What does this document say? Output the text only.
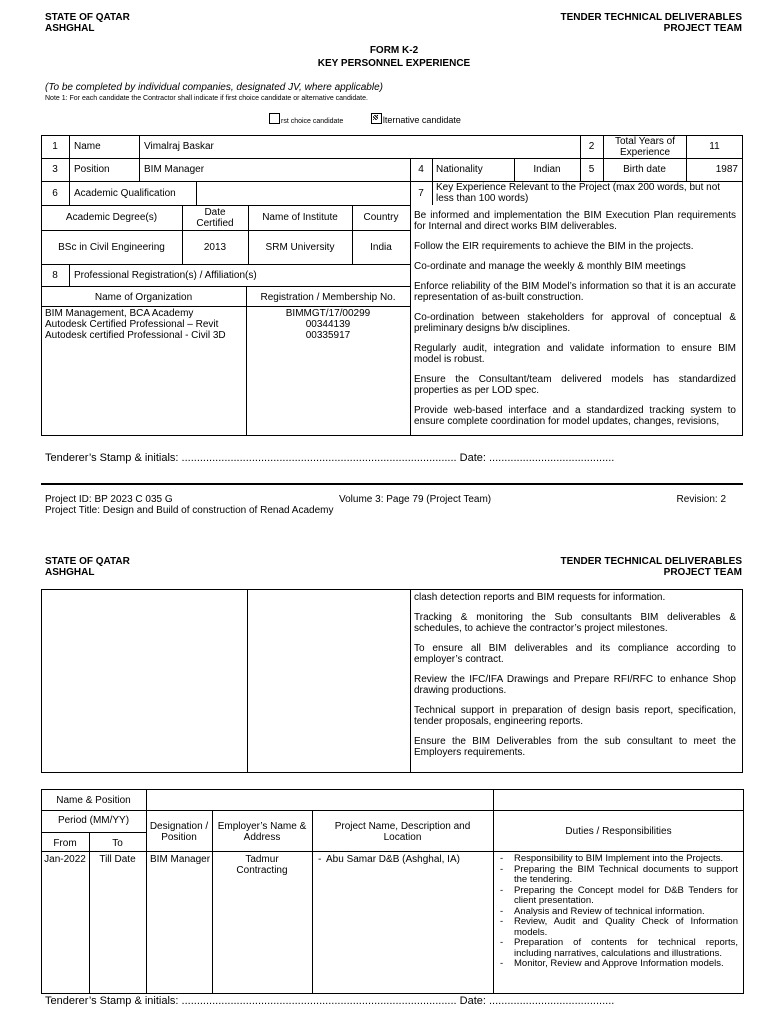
STATE OF QATAR
ASHGHAL
TENDER TECHNICAL DELIVERABLES
PROJECT TEAM
FORM K-2
KEY PERSONNEL EXPERIENCE
(To be completed by individual companies, designated JV, where applicable)
Note 1: For each candidate the Contractor shall indicate if first choice candidate or alternative candidate.
rst choice candidate	lternative candidate
1	Name	Vimalraj Baskar	2	Total Years of Experience
11
3	Position	BIM Manager	4	Nationality	Indian	5	Birth date	1987
6	Academic Qualification	7
Key Experience Relevant to the Project (max 200 words, but not less than 100 words)
Academic Degree(s)	Date Certified
Name of Institute	Country
BSc in Civil Engineering	2013	SRM University	India
8	Professional Registration(s) / Affiliation(s)
Name of Organization	Registration / Membership No.
BIM Management, BCA Academy
Autodesk Certified Professional – Revit
Autodesk certified Professional - Civil 3D
BIMMGT/17/00299
00344139
00335917

Be informed and implementation the BIM Execution Plan requirements for Internal and direct works BIM deliverables.

Follow the EIR requirements to achieve the BIM in the projects.

Co-ordinate and manage the weekly & monthly BIM meetings

Enforce reliability of the BIM Model’s information so that it is an accurate representation of as-built construction.

Co-ordination between stakeholders for approval of conceptual & preliminary designs b/w disciplines.

Regularly audit, integration and validate information to ensure BIM model is robust.

Ensure the Consultant/team delivered models has standardized properties as per LOD spec.

Provide web-based interface and a standardized tracking system to ensure complete coordination for model updates, changes, revisions,

Tenderer’s Stamp & initials: .......................................................................................... Date: .........................................
Project ID: BP 2023 C 035 G	Volume 3: Page 79 (Project Team)	Revision: 2
Project Title: Design and Build of construction of Renad Academy
STATE OF QATAR
ASHGHAL
TENDER TECHNICAL DELIVERABLES
PROJECT TEAM

clash detection reports and BIM requests for information.

Tracking & monitoring the Sub consultants BIM deliverables & schedules, to achieve the contractor’s project milestones.

To ensure all BIM deliverables and its compliance according to employer’s contract.

Review the IFC/IFA Drawings and Prepare RFI/RFC to enhance Shop drawing productions.

Technical support in preparation of design basis report, specification, tender proposals, engineering reports.

Ensure the BIM Deliverables from the sub consultant to meet the Employers requirements.

Name & Position
Period (MM/YY)
From	To
Designation / Position
Employer’s Name & Address
Project Name, Description and Location
Duties / Responsibilities
Jan-2022	Till Date	BIM Manager	Tadmur Contracting
- Abu Samar D&B (Ashghal, IA)
-	Responsibility to BIM Implement into the Projects.
- Preparing the BIM Technical documents to support the tendering.
- Preparing the Concept model for D&B Tenders for client presentation.
- Analysis and Review of technical information.
- Review, Audit and Quality Check of Information models.
- Preparation of contents for technical reports, including narratives, calculations and illustrations.
- Monitor, Review and Approve Information models.
Tenderer’s Stamp & initials: .......................................................................................... Date: .........................................
